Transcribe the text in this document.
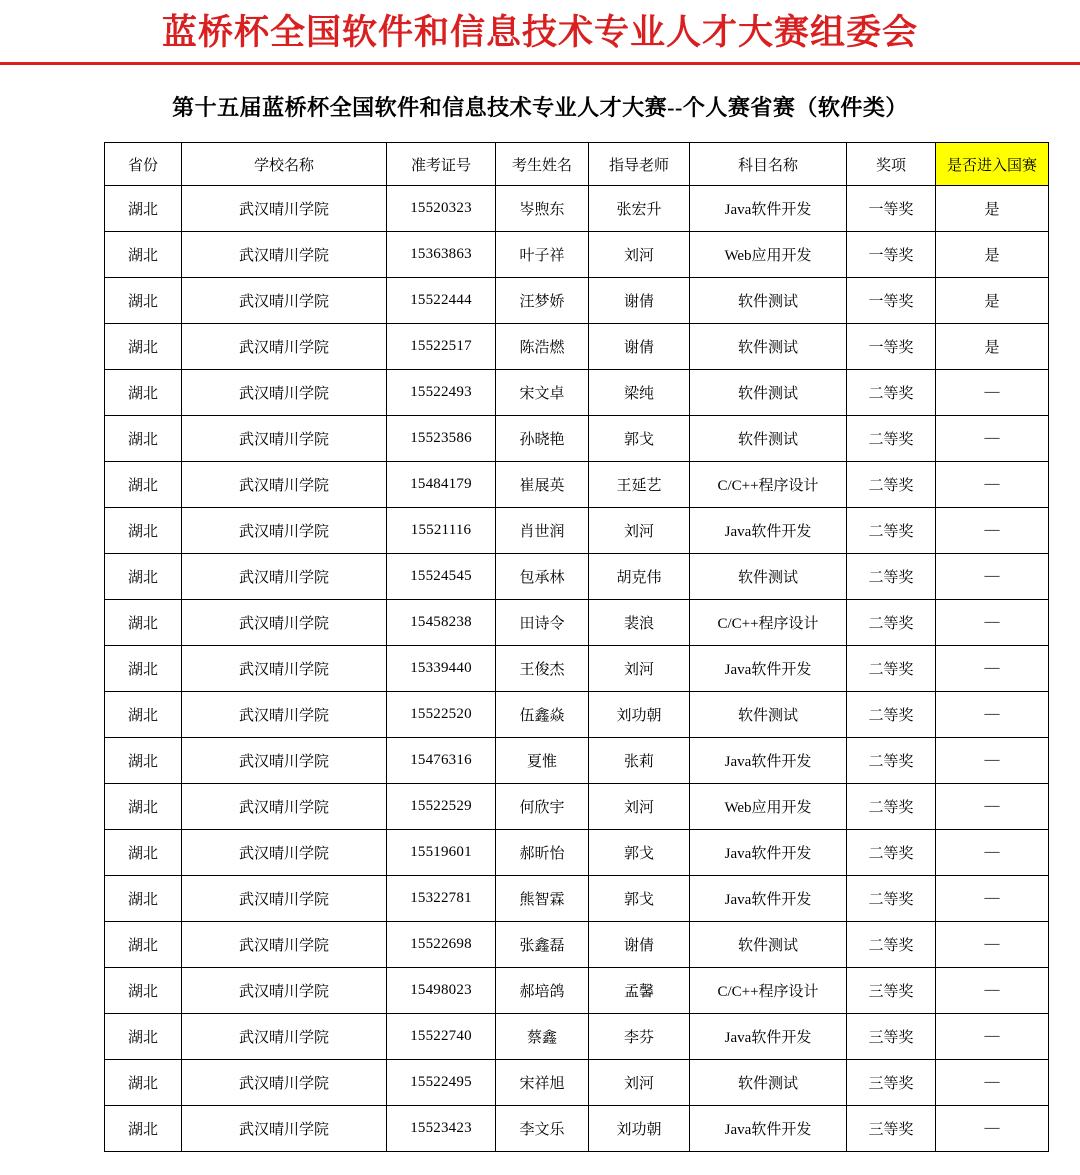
蓝桥杯全国软件和信息技术专业人才大赛组委会
第十五届蓝桥杯全国软件和信息技术专业人才大赛--个人赛省赛（软件类）
省份	学校名称	准考证号	考生姓名	指导老师	科目名称	奖项	是否进入国赛
湖北	武汉晴川学院	15520323	岑煦东	张宏升	Java软件开发	一等奖	是
湖北	武汉晴川学院	15363863	叶子祥	刘河	Web应用开发	一等奖	是
湖北	武汉晴川学院	15522444	汪梦娇	谢倩	软件测试	一等奖	是
湖北	武汉晴川学院	15522517	陈浩燃	谢倩	软件测试	一等奖	是
湖北	武汉晴川学院	15522493	宋文卓	梁纯	软件测试	二等奖	—
湖北	武汉晴川学院	15523586	孙晓艳	郭戈	软件测试	二等奖	—
湖北	武汉晴川学院	15484179	崔展英	王延艺	C/C++程序设计	二等奖	—
湖北	武汉晴川学院	15521116	肖世润	刘河	Java软件开发	二等奖	—
湖北	武汉晴川学院	15524545	包承林	胡克伟	软件测试	二等奖	—
湖北	武汉晴川学院	15458238	田诗令	裴浪	C/C++程序设计	二等奖	—
湖北	武汉晴川学院	15339440	王俊杰	刘河	Java软件开发	二等奖	—
湖北	武汉晴川学院	15522520	伍鑫焱	刘功朝	软件测试	二等奖	—
湖北	武汉晴川学院	15476316	夏惟	张莉	Java软件开发	二等奖	—
湖北	武汉晴川学院	15522529	何欣宇	刘河	Web应用开发	二等奖	—
湖北	武汉晴川学院	15519601	郝昕怡	郭戈	Java软件开发	二等奖	—
湖北	武汉晴川学院	15322781	熊智霖	郭戈	Java软件开发	二等奖	—
湖北	武汉晴川学院	15522698	张鑫磊	谢倩	软件测试	二等奖	—
湖北	武汉晴川学院	15498023	郝培鸽	孟馨	C/C++程序设计	三等奖	—
湖北	武汉晴川学院	15522740	蔡鑫	李芬	Java软件开发	三等奖	—
湖北	武汉晴川学院	15522495	宋祥旭	刘河	软件测试	三等奖	—
湖北	武汉晴川学院	15523423	李文乐	刘功朝	Java软件开发	三等奖	—
